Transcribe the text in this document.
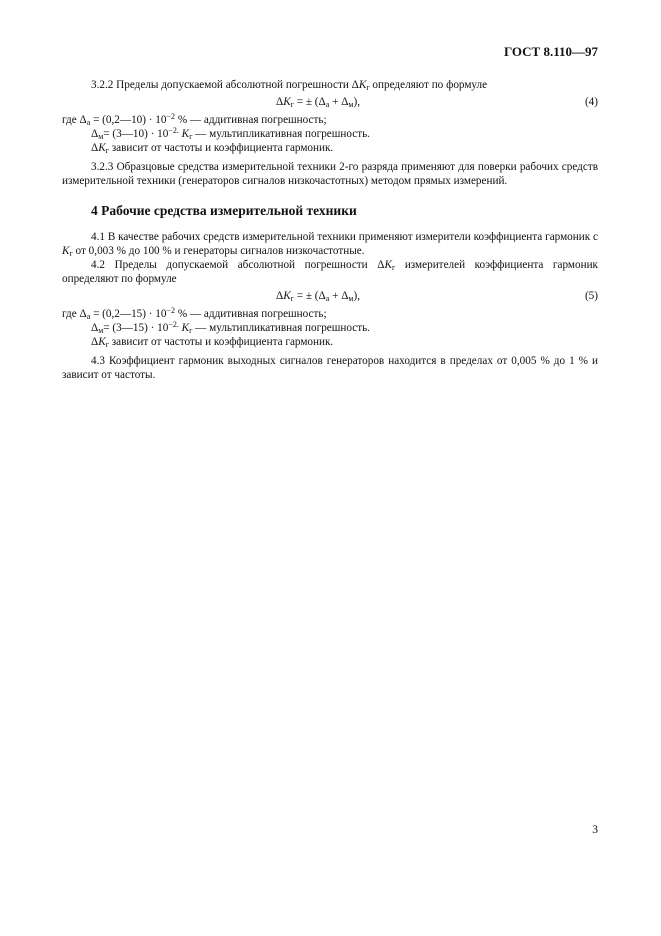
ГОСТ 8.110—97

3.2.2 Пределы допускаемой абсолютной погрешности $\Delta K_г$ определяют по формуле

$\Delta K_г$ = ± $(\Delta_а + \Delta_м)$,	(4)

где $\Delta_а$ = (0,2—10) · $10^{-2}$ % — аддитивная погрешность;

$\Delta_м=$ (3—10) · $10^{-2.}$ $K_г$ — мультипликативная погрешность.

$\Delta K_г$ зависит от частоты и коэффициента гармоник.

3.2.3 Образцовые средства измерительной техники 2-го разряда применяют для поверки рабочих средств измерительной техники (генераторов сигналов низкочастотных) методом прямых измерений.

4 Рабочие средства измерительной техники

4.1 В качестве рабочих средств измерительной техники применяют измерители коэффициента гармоник с $K_г$ от 0,003 % до 100 % и генераторы сигналов низкочастотные.

4.2 Пределы допускаемой абсолютной погрешности $\Delta K_г$ измерителей коэффициента гармоник определяют по формуле

$\Delta K_г$ = ± $(\Delta_а + \Delta_м)$,	(5)

где $\Delta_а$ = (0,2—15) · $10^{-2}$ % — аддитивная погрешность;

$\Delta_м=$ (3—15) · $10^{-2.}$ $K_г$ — мультипликативная погрешность.

$\Delta K_г$ зависит от частоты и коэффициента гармоник.

4.3 Коэффициент гармоник выходных сигналов генераторов находится в пределах от 0,005 % до 1 % и зависит от частоты.

3
